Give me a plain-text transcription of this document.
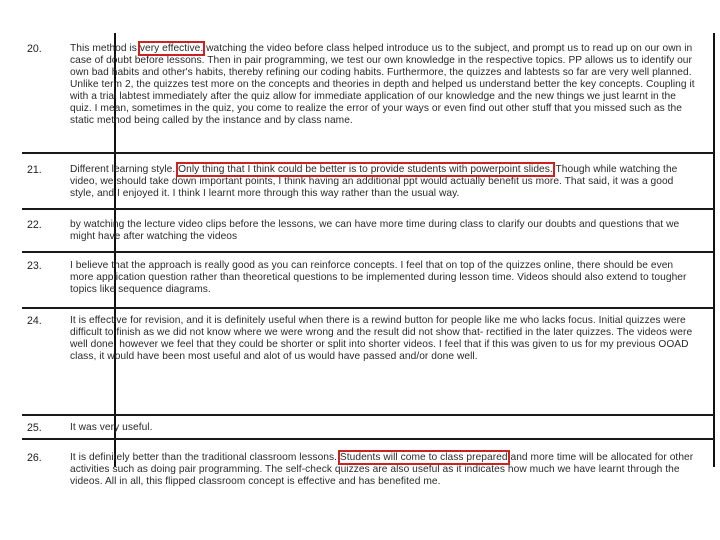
20.	This method is very effective. watching the video before class helped introduce us to the subject, and prompt us to read up on our own in case of doubt before lessons. Then in pair programming, we test our own knowledge in the respective topics. PP allows us to identify our own bad habits and other's habits, thereby refining our coding habits. Furthermore, the quizzes and labtests so far are very well planned. Unlike term 2, the quizzes test more on the concepts and theories in depth and helped us understand better the key concepts. Coupling it with a trial labtest immediately after the quiz allow for immediate application of our knowledge and the new things we just learnt in the quiz. I mean, sometimes in the quiz, you come to realize the error of your ways or even find out other stuff that you missed such as the static method being called by the instance and by class name.
21.	Different learning style. Only thing that I think could be better is to provide students with powerpoint slides. Though while watching the video, we should take down important points, I think having an additional ppt would actually benefit us more. That said, it was a good style, and I enjoyed it. I think I learnt more through this way rather than the usual way.
22.	by watching the lecture video clips before the lessons, we can have more time during class to clarify our doubts and questions that we might have after watching the videos
23.	I believe that the approach is really good as you can reinforce concepts. I feel that on top of the quizzes online, there should be even more application question rather than theoretical questions to be implemented during lesson time. Videos should also extend to tougher topics like sequence diagrams.
24.	It is effective for revision, and it is definitely useful when there is a rewind button for people like me who lacks focus. Initial quizzes were difficult to finish as we did not know where we were wrong and the result did not show that- rectified in the later quizzes. The videos were well done, however we feel that they could be shorter or split into shorter videos. I feel that if this was given to us for my previous OOAD class, it would have been most useful and alot of us would have passed and/or done well.
25.	It was very useful.
26.	It is definitely better than the traditional classroom lessons. Students will come to class prepared and more time will be allocated for other activities such as doing pair programming. The self-check quizzes are also useful as it indicates how much we have learnt through the videos. All in all, this flipped classroom concept is effective and has benefited me.
